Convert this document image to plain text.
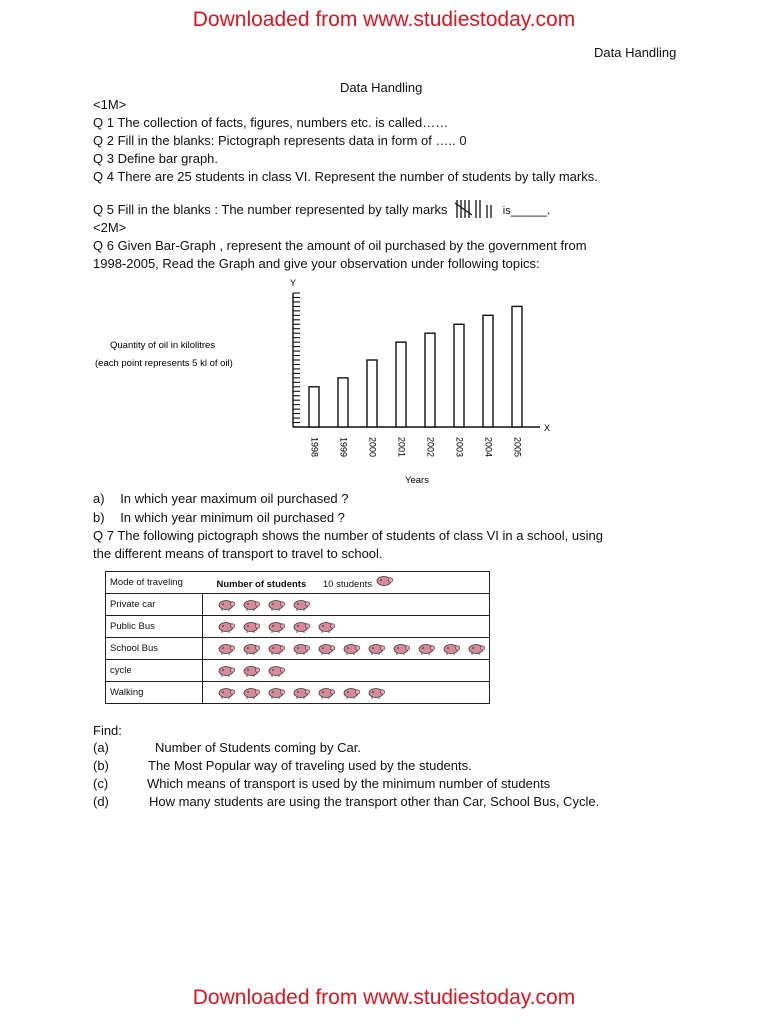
Downloaded from www.studiestoday.com
Downloaded from www.studiestoday.com
Data Handling
Data Handling
<1M>
Q 1 The collection of facts, figures, numbers etc. is called……
Q 2 Fill in the blanks: Pictograph represents data in form of ….. 0
Q 3 Define bar graph.
Q 4 There are 25 students in class VI. Represent the number of students by tally marks.
Q 5 Fill in the blanks : The number represented by tally marks	is_____.
<2M>
Q 6 Given Bar-Graph , represent the amount of oil purchased by the government from
1998-2005, Read the Graph and give your observation under following topics:
Y
Quantity of oil in kilolitres
(each point represents 5 kl of oil)
X
1998 1999 2000 2001 2002 2003 2004 2005
Years
a) In which year maximum oil purchased ?
b) In which year minimum oil purchased ?
Q 7 The following pictograph shows the number of students of class VI in a school, using
the different means of transport to travel to school.
Mode of traveling	Number of students 10 students
Private car	

Public Bus	

School Bus	

cycle	

Walking	
Find:
(a)	Number of Students coming by Car.
(b)	The Most Popular way of traveling used by the students.
(c)	Which means of transport is used by the minimum number of students
(d)	How many students are using the transport other than Car, School Bus, Cycle.
